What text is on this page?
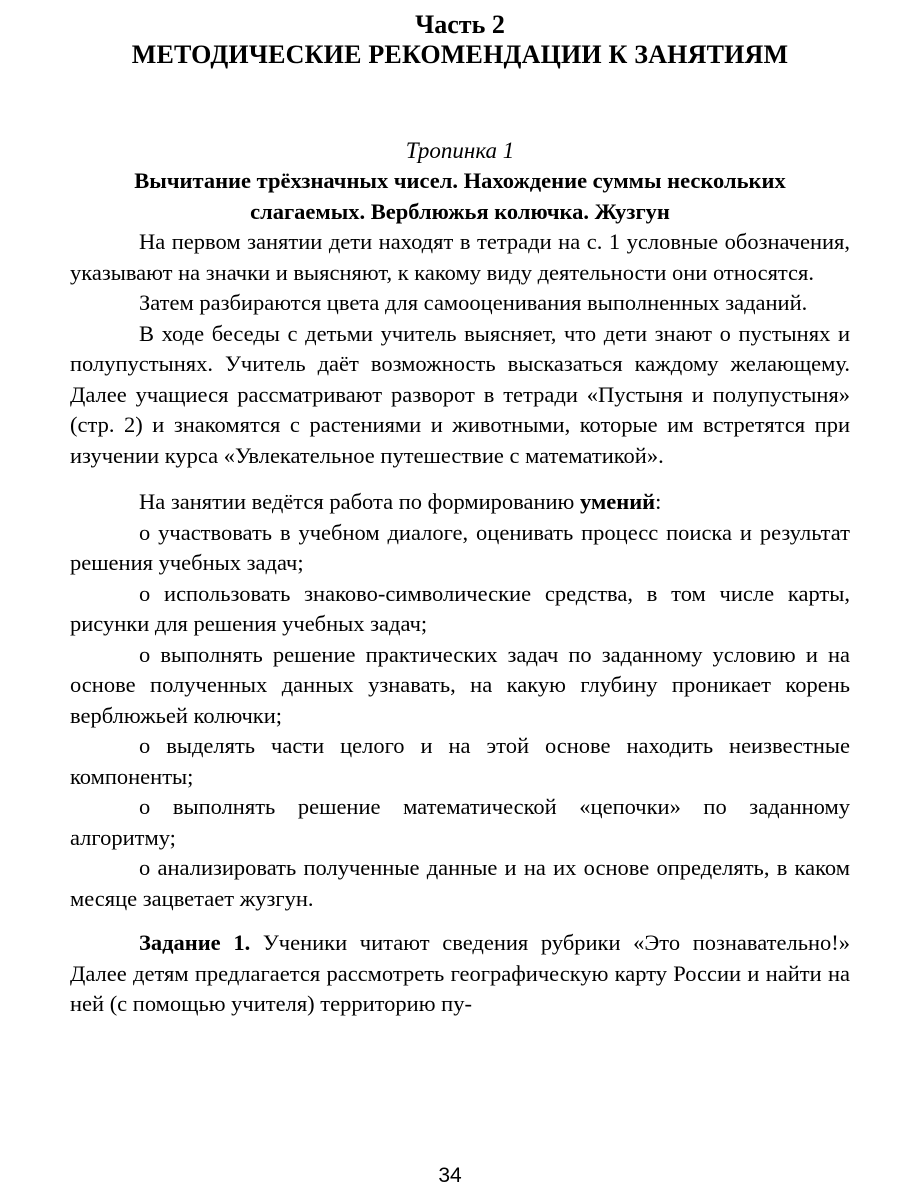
Часть 2
МЕТОДИЧЕСКИЕ РЕКОМЕНДАЦИИ К ЗАНЯТИЯМ
Тропинка 1
Вычитание трёхзначных чисел. Нахождение суммы нескольких
слагаемых. Верблюжья колючка. Жузгун

На первом занятии дети находят в тетради на с. 1 условные обозначения, указывают на значки и выясняют, к какому виду деятельности они относятся.

Затем разбираются цвета для самооценивания выполненных заданий.

В ходе беседы с детьми учитель выясняет, что дети знают о пустынях и полупустынях. Учитель даёт возможность высказаться каждому желающему. Далее учащиеся рассматривают разворот в тетради «Пустыня и полупустыня» (стр. 2) и знакомятся с растениями и животными, которые им встретятся при изучении курса «Увлекательное путешествие с математикой».

На занятии ведётся работа по формированию умений:

o участвовать в учебном диалоге, оценивать процесс поиска и результат решения учебных задач;

o использовать знаково-символические средства, в том числе карты, рисунки для решения учебных задач;

o выполнять решение практических задач по заданному условию и на основе полученных данных узнавать, на какую глубину проникает корень верблюжьей колючки;

o выделять части целого и на этой основе находить неизвестные компоненты;

o выполнять решение математической «цепочки» по заданному алгоритму;

o анализировать полученные данные и на их основе определять, в каком месяце зацветает жузгун.

Задание 1. Ученики читают сведения рубрики «Это познавательно!» Далее детям предлагается рассмотреть географическую карту России и найти на ней (с помощью учителя) территорию пу-

34
